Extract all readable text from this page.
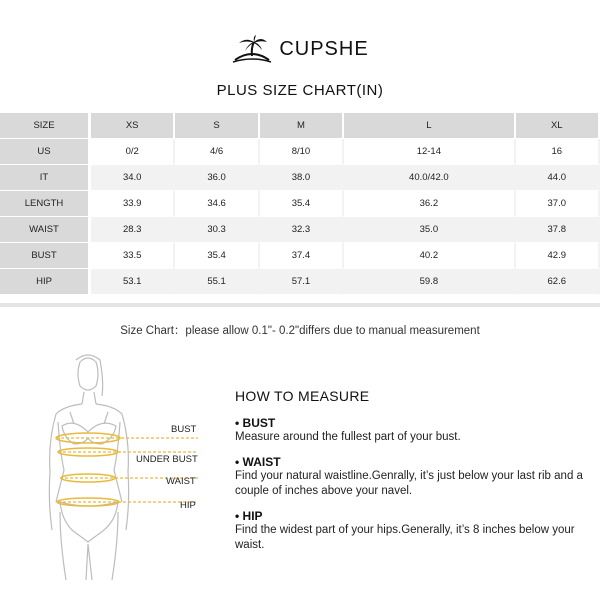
CUPSHE
PLUS SIZE CHART(IN)
SIZE	XS	S	M	L	XL
US	0/2	4/6	8/10	12-14	16
IT	34.0	36.0	38.0	40.0/42.0	44.0
LENGTH	33.9	34.6	35.4	36.2	37.0
WAIST	28.3	30.3	32.3	35.0	37.8
BUST	33.5	35.4	37.4	40.2	42.9
HIP	53.1	55.1	57.1	59.8	62.6
Size Chart：please allow 0.1"- 0.2"differs due to manual measurement
BUST
UNDER BUST
WAIST
HIP
HOW TO MEASURE
• BUST
Measure around the fullest part of your bust.
• WAIST
Find your natural waistline.Genrally, it’s just below your last rib and a couple of inches above your navel.
• HIP
Find the widest part of your hips.Generally, it’s 8 inches below your waist.
